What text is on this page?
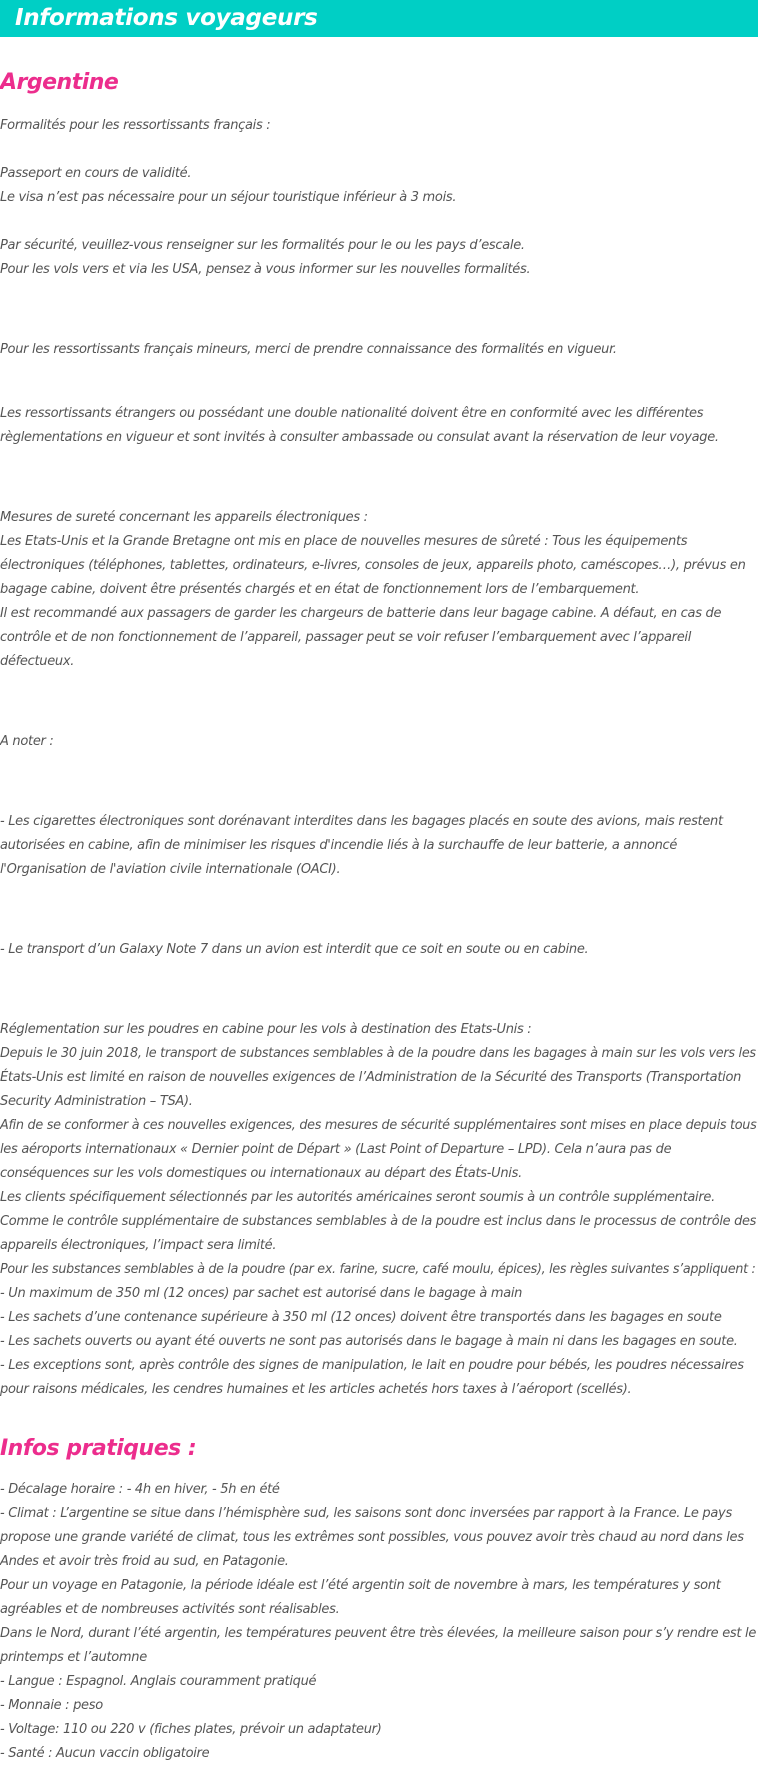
Informations voyageurs
Argentine

Formalités pour les ressortissants français :

Passeport en cours de validité.

Le visa n’est pas nécessaire pour un séjour touristique inférieur à 3 mois.

Par sécurité, veuillez-vous renseigner sur les formalités pour le ou les pays d’escale.

Pour les vols vers et via les USA, pensez à vous informer sur les nouvelles formalités.

Pour les ressortissants français mineurs, merci de prendre connaissance des formalités en vigueur.

Les ressortissants étrangers ou possédant une double nationalité doivent être en conformité avec les différentes

règlementations en vigueur et sont invités à consulter ambassade ou consulat avant la réservation de leur voyage.

Mesures de sureté concernant les appareils électroniques :

Les Etats-Unis et la Grande Bretagne ont mis en place de nouvelles mesures de sûreté : Tous les équipements

électroniques (téléphones, tablettes, ordinateurs, e-livres, consoles de jeux, appareils photo, caméscopes…), prévus en

bagage cabine, doivent être présentés chargés et en état de fonctionnement lors de l’embarquement.

Il est recommandé aux passagers de garder les chargeurs de batterie dans leur bagage cabine. A défaut, en cas de

contrôle et de non fonctionnement de l’appareil, passager peut se voir refuser l’embarquement avec l’appareil

défectueux.

A noter :

- Les cigarettes électroniques sont dorénavant interdites dans les bagages placés en soute des avions, mais restent

autorisées en cabine, afin de minimiser les risques d'incendie liés à la surchauffe de leur batterie, a annoncé

l'Organisation de l'aviation civile internationale (OACI).

- Le transport d’un Galaxy Note 7 dans un avion est interdit que ce soit en soute ou en cabine.

Réglementation sur les poudres en cabine pour les vols à destination des Etats-Unis :

Depuis le 30 juin 2018, le transport de substances semblables à de la poudre dans les bagages à main sur les vols vers les

États-Unis est limité en raison de nouvelles exigences de l’Administration de la Sécurité des Transports (Transportation

Security Administration – TSA).

Afin de se conformer à ces nouvelles exigences, des mesures de sécurité supplémentaires sont mises en place depuis tous

les aéroports internationaux « Dernier point de Départ » (Last Point of Departure – LPD). Cela n’aura pas de

conséquences sur les vols domestiques ou internationaux au départ des États-Unis.

Les clients spécifiquement sélectionnés par les autorités américaines seront soumis à un contrôle supplémentaire.

Comme le contrôle supplémentaire de substances semblables à de la poudre est inclus dans le processus de contrôle des

appareils électroniques, l’impact sera limité.

Pour les substances semblables à de la poudre (par ex. farine, sucre, café moulu, épices), les règles suivantes s’appliquent :

- Un maximum de 350 ml (12 onces) par sachet est autorisé dans le bagage à main

- Les sachets d’une contenance supérieure à 350 ml (12 onces) doivent être transportés dans les bagages en soute

- Les sachets ouverts ou ayant été ouverts ne sont pas autorisés dans le bagage à main ni dans les bagages en soute.

- Les exceptions sont, après contrôle des signes de manipulation, le lait en poudre pour bébés, les poudres nécessaires

pour raisons médicales, les cendres humaines et les articles achetés hors taxes à l’aéroport (scellés).

Infos pratiques :

- Décalage horaire : - 4h en hiver, - 5h en été

- Climat : L’argentine se situe dans l’hémisphère sud, les saisons sont donc inversées par rapport à la France. Le pays

propose une grande variété de climat, tous les extrêmes sont possibles, vous pouvez avoir très chaud au nord dans les

Andes et avoir très froid au sud, en Patagonie.

Pour un voyage en Patagonie, la période idéale est l’été argentin soit de novembre à mars, les températures y sont

agréables et de nombreuses activités sont réalisables.

Dans le Nord, durant l’été argentin, les températures peuvent être très élevées, la meilleure saison pour s’y rendre est le

printemps et l’automne

- Langue : Espagnol. Anglais couramment pratiqué

- Monnaie : peso

- Voltage: 110 ou 220 v (fiches plates, prévoir un adaptateur)

- Santé : Aucun vaccin obligatoire
